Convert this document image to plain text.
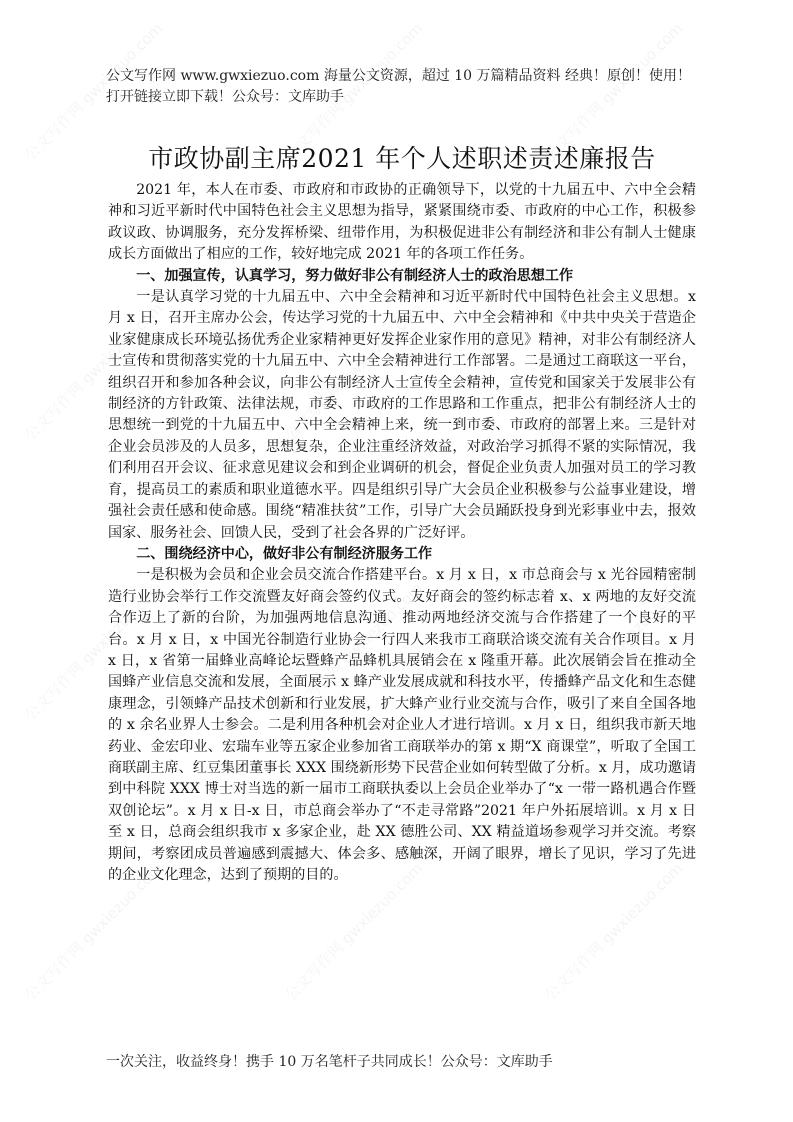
公文写作网 gwxiezuo.com	公文写作网 gwxiezuo.com	公文写作网 gwxiezuo.com
公文写作网 gwxiezuo.com	公文写作网 gwxiezuo.com	公文写作网 gwxiezuo.com
公文写作网 gwxiezuo.com	公文写作网 gwxiezuo.com	公文写作网 gwxiezuo.com
公文写作网 gwxiezuo.com	公文写作网 gwxiezuo.com	公文写作网 gwxiezuo.com
公文写作网 www.gwxiezuo.com 海量公文资源，超过 10 万篇精品资料 经典！原创！使用！打开链接立即下载！公众号：文库助手
市政协副主席2021 年个人述职述责述廉报告

2021 年，本人在市委、市政府和市政协的正确领导下，以党的十九届五中、六中全会精神和习近平新时代中国特色社会主义思想为指导，紧紧围绕市委、市政府的中心工作，积极参政议政、协调服务，充分发挥桥梁、纽带作用，为积极促进非公有制经济和非公有制人士健康成长方面做出了相应的工作，较好地完成 2021 年的各项工作任务。

一、加强宣传，认真学习，努力做好非公有制经济人士的政治思想工作

一是认真学习党的十九届五中、六中全会精神和习近平新时代中国特色社会主义思想。x 月 x 日，召开主席办公会，传达学习党的十九届五中、六中全会精神和《中共中央关于营造企业家健康成长环境弘扬优秀企业家精神更好发挥企业家作用的意见》精神，对非公有制经济人士宣传和贯彻落实党的十九届五中、六中全会精神进行工作部署。二是通过工商联这一平台，组织召开和参加各种会议，向非公有制经济人士宣传全会精神，宣传党和国家关于发展非公有制经济的方针政策、法律法规，市委、市政府的工作思路和工作重点，把非公有制经济人士的思想统一到党的十九届五中、六中全会精神上来，统一到市委、市政府的部署上来。三是针对企业会员涉及的人员多，思想复杂，企业注重经济效益，对政治学习抓得不紧的实际情况，我们利用召开会议、征求意见建议会和到企业调研的机会，督促企业负责人加强对员工的学习教育，提高员工的素质和职业道德水平。四是组织引导广大会员企业积极参与公益事业建设，增强社会责任感和使命感。围绕“精准扶贫”工作，引导广大会员踊跃投身到光彩事业中去，报效国家、服务社会、回馈人民，受到了社会各界的广泛好评。

二、围绕经济中心，做好非公有制经济服务工作

一是积极为会员和企业会员交流合作搭建平台。x 月 x 日，x 市总商会与 x 光谷园精密制造行业协会举行工作交流暨友好商会签约仪式。友好商会的签约标志着 x、x 两地的友好交流合作迈上了新的台阶，为加强两地信息沟通、推动两地经济交流与合作搭建了一个良好的平台。x 月 x 日，x 中国光谷制造行业协会一行四人来我市工商联洽谈交流有关合作项目。x 月 x 日，x 省第一届蜂业高峰论坛暨蜂产品蜂机具展销会在 x 隆重开幕。此次展销会旨在推动全国蜂产业信息交流和发展，全面展示 x 蜂产业发展成就和科技水平，传播蜂产品文化和生态健康理念，引领蜂产品技术创新和行业发展，扩大蜂产业行业交流与合作，吸引了来自全国各地的 x 余名业界人士参会。二是利用各种机会对企业人才进行培训。x 月 x 日，组织我市新天地药业、金宏印业、宏瑞车业等五家企业参加省工商联举办的第 x 期“X 商课堂”，听取了全国工商联副主席、红豆集团董事长 XXX 围绕新形势下民营企业如何转型做了分析。x 月，成功邀请到中科院 XXX 博士对当选的新一届市工商联执委以上会员企业举办了“x 一带一路机遇合作暨双创论坛”。x 月 x 日-x 日，市总商会举办了“不走寻常路”2021 年户外拓展培训。x 月 x 日至 x 日，总商会组织我市 x 多家企业，赴 XX 德胜公司、XX 精益道场参观学习并交流。考察期间，考察团成员普遍感到震撼大、体会多、感触深，开阔了眼界，增长了见识，学习了先进的企业文化理念，达到了预期的目的。

一次关注，收益终身！携手 10 万名笔杆子共同成长！公众号：文库助手
